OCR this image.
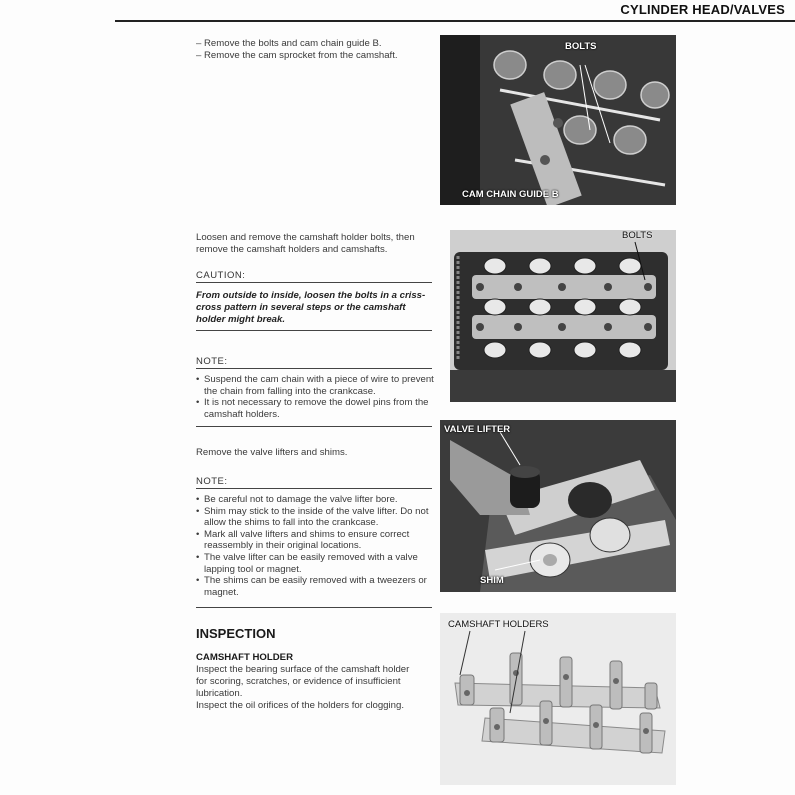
CYLINDER HEAD/VALVES
– Remove the bolts and cam chain guide B.
– Remove the cam sprocket from the camshaft.
BOLTS
CAM CHAIN GUIDE B
Loosen and remove the camshaft holder bolts, then
remove the camshaft holders and camshafts.
CAUTION:
From outside to inside, loosen the bolts in a criss-
cross pattern in several steps or the camshaft
holder might break.
NOTE:
• Suspend the cam chain with a piece of wire to prevent the chain from falling into the crankcase.
• It is not necessary to remove the dowel pins from the camshaft holders.
BOLTS
Remove the valve lifters and shims.
NOTE:
• Be careful not to damage the valve lifter bore.
• Shim may stick to the inside of the valve lifter. Do not allow the shims to fall into the crankcase.
• Mark all valve lifters and shims to ensure correct reassembly in their original locations.
• The valve lifter can be easily removed with a valve lapping tool or magnet.
• The shims can be easily removed with a tweezers or magnet.
VALVE LIFTER
SHIM
INSPECTION
CAMSHAFT HOLDER
Inspect the bearing surface of the camshaft holder
for scoring, scratches, or evidence of insufficient
lubrication.
Inspect the oil orifices of the holders for clogging.
CAMSHAFT HOLDERS
